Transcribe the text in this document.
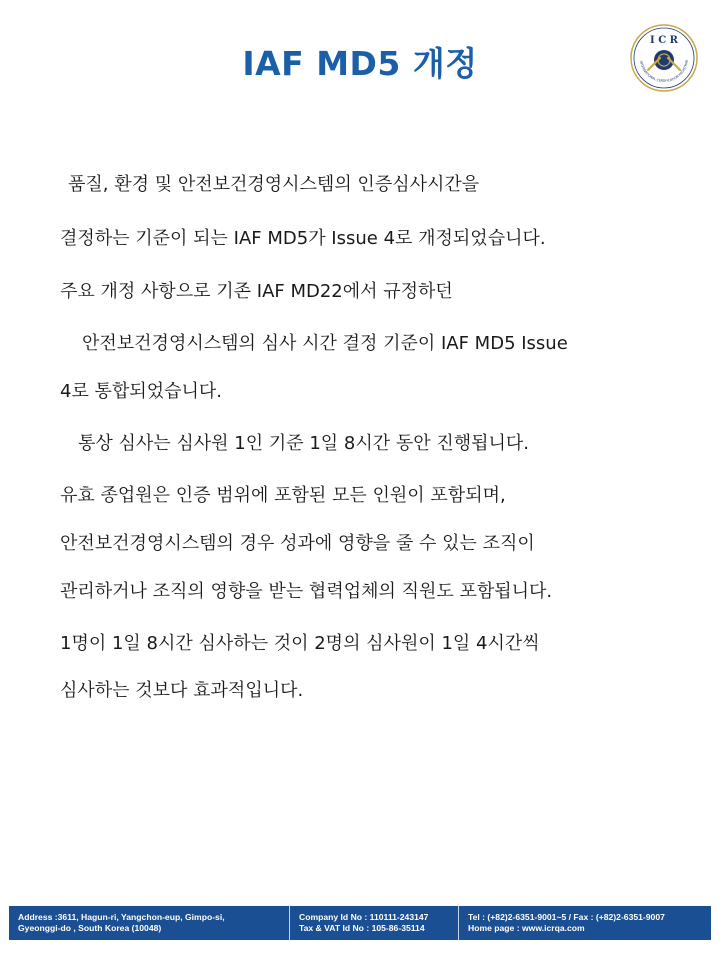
IAF MD5 개정
I C R
INTERNATIONAL CERTIFICATION REGISTRAR

품질, 환경 및 안전보건경영시스템의 인증심사시간을

결정하는 기준이 되는 IAF MD5가 Issue 4로 개정되었습니다.

주요 개정 사항으로 기존 IAF MD22에서 규정하던

안전보건경영시스템의 심사 시간 결정 기준이 IAF MD5 Issue

4로 통합되었습니다.

통상 심사는 심사원 1인 기준 1일 8시간 동안 진행됩니다.

유효 종업원은 인증 범위에 포함된 모든 인원이 포함되며,

안전보건경영시스템의 경우 성과에 영향을 줄 수 있는 조직이

관리하거나 조직의 영향을 받는 협력업체의 직원도 포함됩니다.

1명이 1일 8시간 심사하는 것이 2명의 심사원이 1일 4시간씩

심사하는 것보다 효과적입니다.

Address :3611, Hagun-ri, Yangchon-eup, Gimpo-si,
Gyeonggi-do , South Korea (10048)
Company Id No : 110111-243147
Tax & VAT Id No : 105-86-35114
Tel : (+82)2-6351-9001~5 / Fax : (+82)2-6351-9007
Home page : www.icrqa.com
